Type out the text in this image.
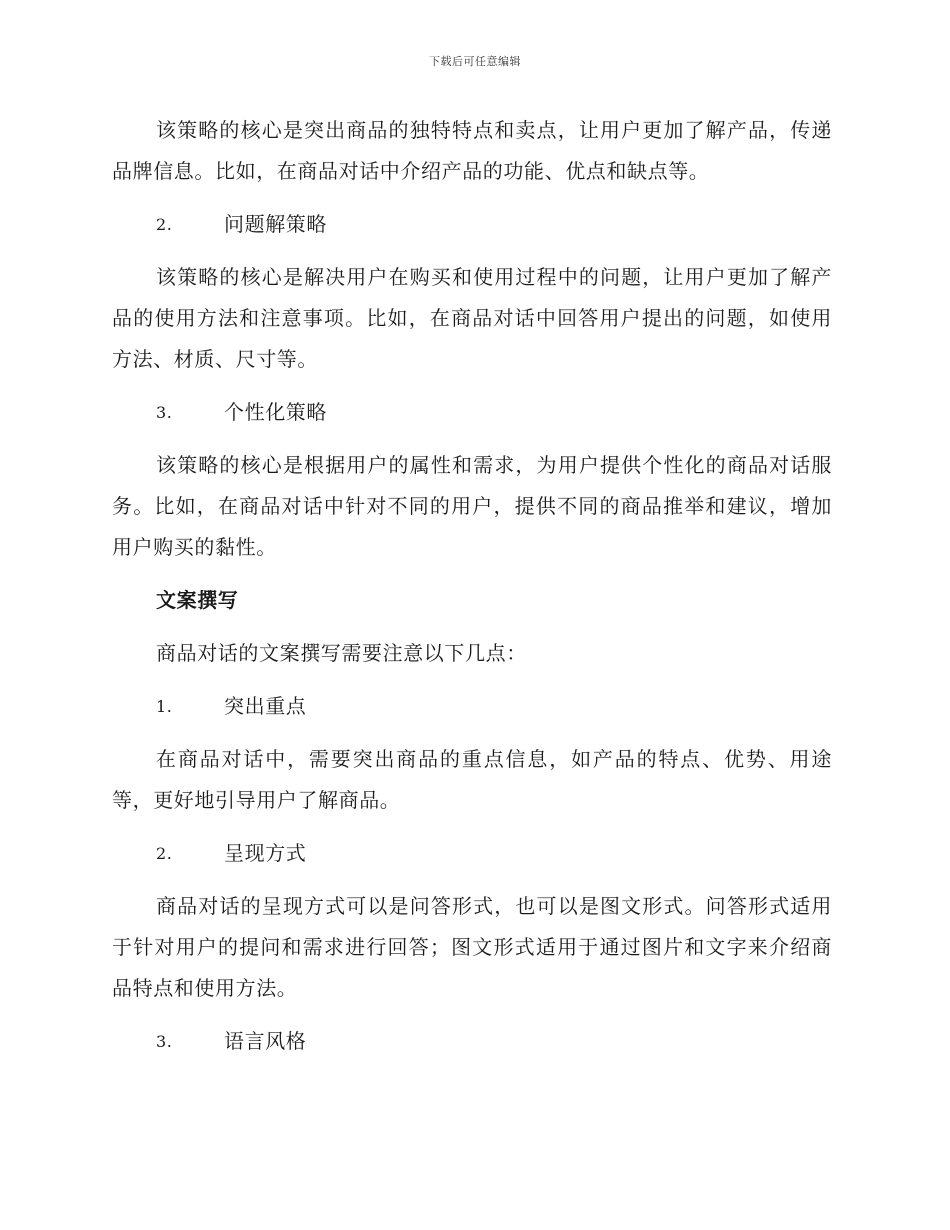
下载后可任意编辑

该策略的核心是突出商品的独特特点和卖点，让用户更加了解产品，传递品牌信息。比如，在商品对话中介绍产品的功能、优点和缺点等。

2.	问题解策略

该策略的核心是解决用户在购买和使用过程中的问题，让用户更加了解产品的使用方法和注意事项。比如，在商品对话中回答用户提出的问题，如使用方法、材质、尺寸等。

3.	个性化策略

该策略的核心是根据用户的属性和需求，为用户提供个性化的商品对话服务。比如，在商品对话中针对不同的用户，提供不同的商品推举和建议，增加用户购买的黏性。

文案撰写

商品对话的文案撰写需要注意以下几点：

1.	突出重点

在商品对话中，需要突出商品的重点信息，如产品的特点、优势、用途等，更好地引导用户了解商品。

2.	呈现方式

商品对话的呈现方式可以是问答形式，也可以是图文形式。问答形式适用于针对用户的提问和需求进行回答；图文形式适用于通过图片和文字来介绍商品特点和使用方法。

3.	语言风格
